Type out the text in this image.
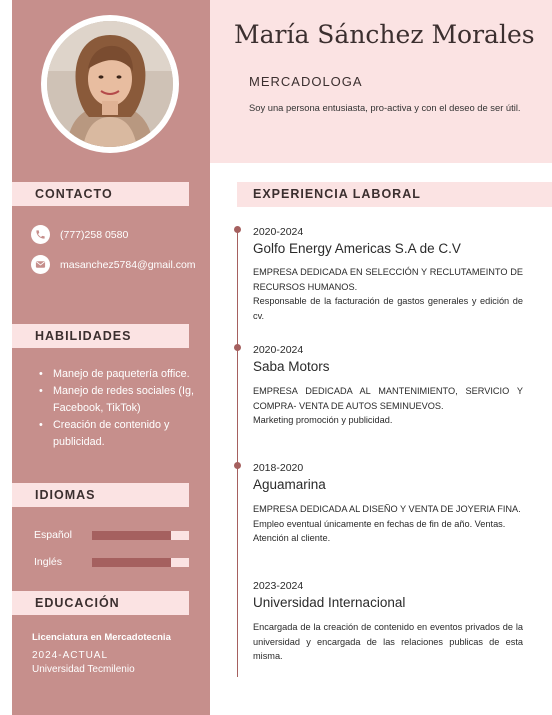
María Sánchez Morales
MERCADOLOGA
Soy una persona entusiasta, pro-activa y con el deseo de ser útil.
CONTACTO
(777)258 0580
masanchez5784@gmail.com
HABILIDADES
• Manejo de paquetería office.
• Manejo de redes sociales (Ig, Facebook, TikTok)
• Creación de contenido y publicidad.
IDIOMAS
Español
Inglés
EDUCACIÓN
Licenciatura en Mercadotecnia
2024-ACTUAL
Universidad Tecmilenio
EXPERIENCIA LABORAL
2020-2024
Golfo Energy Americas S.A de C.V

EMPRESA DEDICADA EN SELECCIÓN Y RECLUTAMEINTO DE RECURSOS HUMANOS.

Responsable de la facturación de gastos generales y edición de cv.

2020-2024
Saba Motors

EMPRESA DEDICADA AL MANTENIMIENTO, SERVICIO Y COMPRA- VENTA DE AUTOS SEMINUEVOS.

Marketing promoción y publicidad.

2018-2020
Aguamarina

EMPRESA DEDICADA AL DISEÑO Y VENTA DE JOYERIA FINA.

Empleo eventual únicamente en fechas de fin de año. Ventas.

Atención al cliente.

2023-2024
Universidad Internacional

Encargada de la creación de contenido en eventos privados de la universidad y encargada de las relaciones publicas de esta misma.
